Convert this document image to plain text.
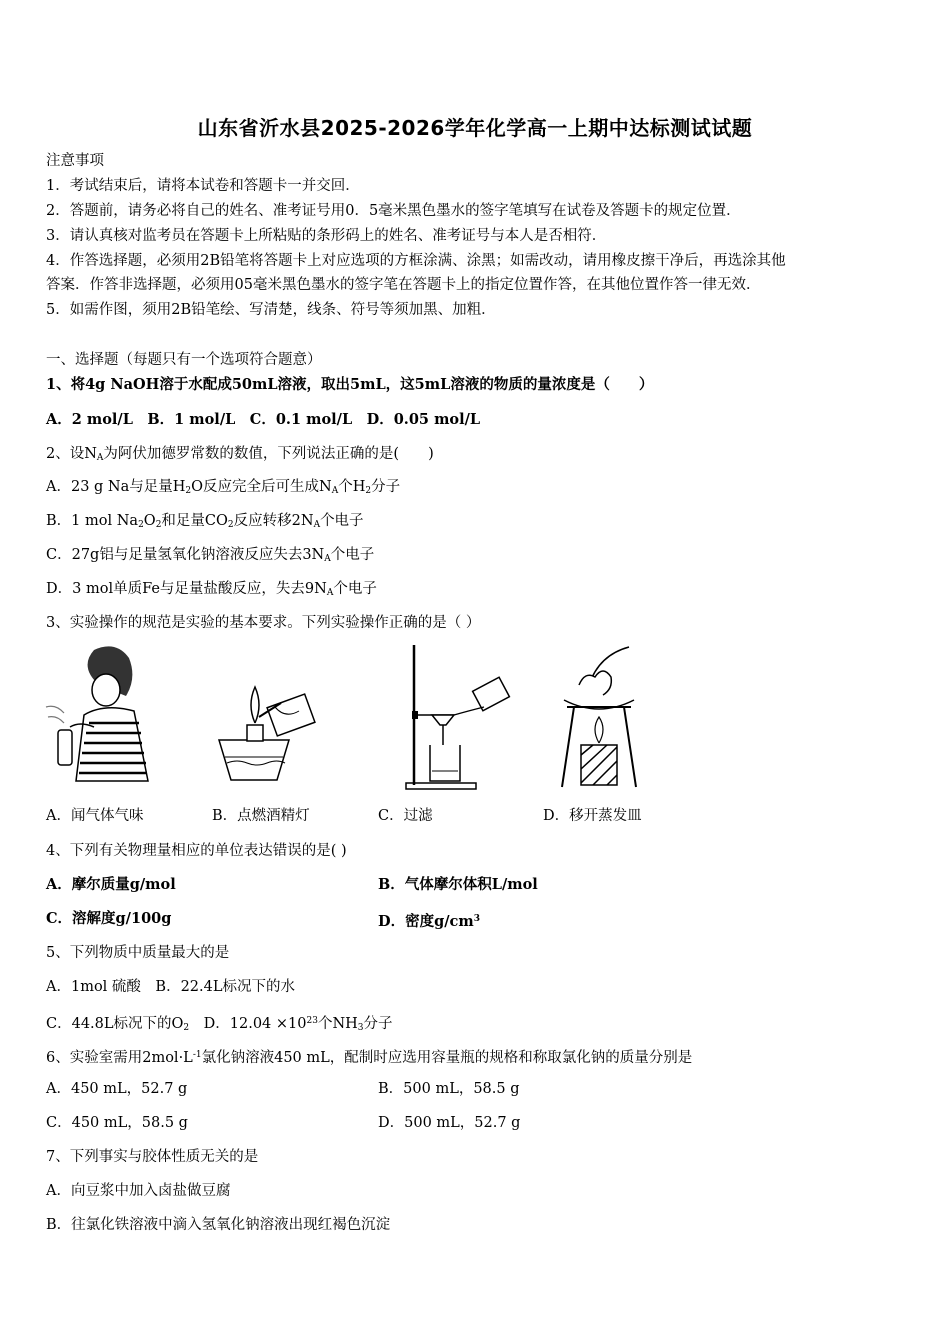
山东省沂水县2025-2026学年化学高一上期中达标测试试题
注意事项
1．考试结束后，请将本试卷和答题卡一并交回．
2．答题前，请务必将自己的姓名、准考证号用0．5毫米黑色墨水的签字笔填写在试卷及答题卡的规定位置．
3．请认真核对监考员在答题卡上所粘贴的条形码上的姓名、准考证号与本人是否相符．
4．作答选择题，必须用2B铅笔将答题卡上对应选项的方框涂满、涂黑；如需改动，请用橡皮擦干净后，再选涂其他
答案．作答非选择题，必须用05毫米黑色墨水的签字笔在答题卡上的指定位置作答，在其他位置作答一律无效．
5．如需作图，须用2B铅笔绘、写清楚，线条、符号等须加黑、加粗．
一、选择题（每题只有一个选项符合题意）
1、将4g NaOH溶于水配成50mL溶液，取出5mL，这5mL溶液的物质的量浓度是（　　）
A．2 mol/L　B．1 mol/L　C．0.1 mol/L　D．0.05 mol/L
2、设$N_A$为阿伏加德罗常数的数值，下列说法正确的是(　　)
A．23 g Na与足量$H_2O$反应完全后可生成$N_A$个$H_2$分子
B．1 mol $Na_2O_2$和足量$CO_2$反应转移$2N_A$个电子
C．27g铝与足量氢氧化钠溶液反应失去$3N_A$个电子
D．3 mol单质Fe与足量盐酸反应，失去$9N_A$个电子
3、实验操作的规范是实验的基本要求。下列实验操作正确的是（ ）
A．闻气体气味	B．点燃酒精灯	C．过滤	D．移开蒸发皿
4、下列有关物理量相应的单位表达错误的是( )
A．摩尔质量g/mol	B．气体摩尔体积L/mol
C．溶解度g/100g	D．密度$g/cm^3$
5、下列物质中质量最大的是
A．1mol 硫酸　B．22.4L标况下的水
C．44.8L标况下的$O_2$　D．$12.04 \times 10^{23}$个$NH_3$分子
6、实验室需用$2mol\cdot L^{-1}$氯化钠溶液450 mL，配制时应选用容量瓶的规格和称取氯化钠的质量分别是
A．450 mL，52.7 g	B．500 mL，58.5 g
C．450 mL，58.5 g	D．500 mL，52.7 g
7、下列事实与胶体性质无关的是
A．向豆浆中加入卤盐做豆腐
B．往氯化铁溶液中滴入氢氧化钠溶液出现红褐色沉淀
